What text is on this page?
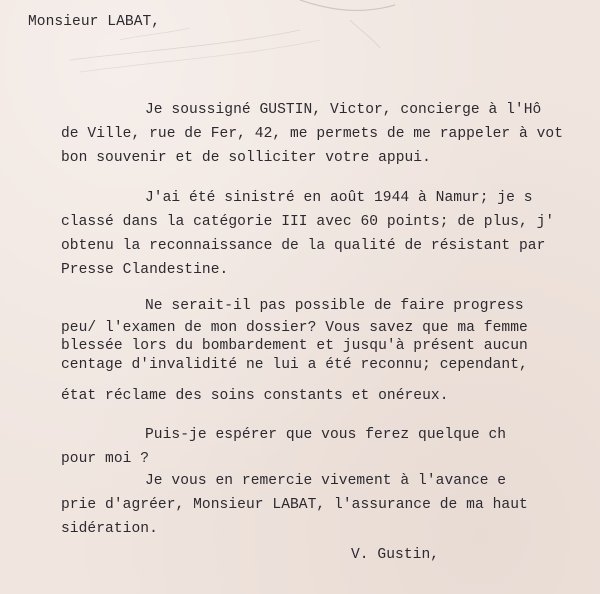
Monsieur LABAT,
Je soussigné GUSTIN, Victor, concierge à l'Hô
de Ville, rue de Fer, 42, me permets de me rappeler à vot
bon souvenir et de solliciter votre appui.
J'ai été sinistré en août 1944 à Namur; je s
classé dans la catégorie III avec 60 points; de plus, j'
obtenu la reconnaissance de la qualité de résistant par
Presse Clandestine.
Ne serait-il pas possible de faire progress
peu/ l'examen de mon dossier? Vous savez que ma femme
blessée lors du bombardement et jusqu'à présent aucun
centage d'invalidité ne lui a été reconnu; cependant,
état réclame des soins constants et onéreux.
Puis-je espérer que vous ferez quelque ch
pour moi ?
Je vous en remercie vivement à l'avance e
prie d'agréer, Monsieur LABAT, l'assurance de ma haut
sidération.
V. Gustin,
